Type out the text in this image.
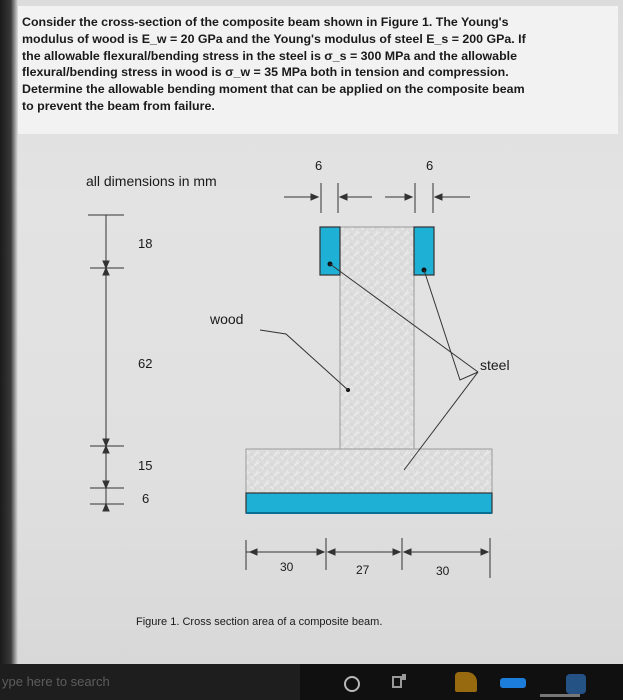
Consider the cross-section of the composite beam shown in Figure 1. The Young's
modulus of wood is E_w = 20 GPa and the Young's modulus of steel E_s = 200 GPa. If
the allowable flexural/bending stress in the steel is σ_s = 300 MPa and the allowable
flexural/bending stress in wood is σ_w = 35 MPa both in tension and compression.
Determine the allowable bending moment that can be applied on the composite beam
to prevent the beam from failure.
all dimensions in mm
6	6
18
62
15
6
wood
steel
30	27	30
Figure 1. Cross section area of a composite beam.
ype here to search
